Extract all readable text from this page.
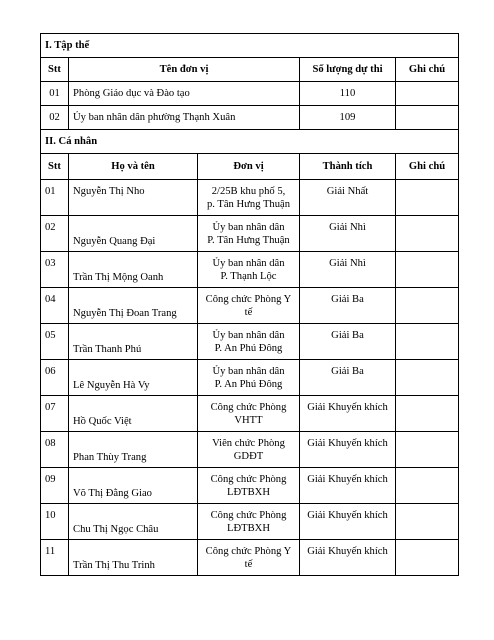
I. Tập thể				
Stt	Tên đơn vị		Số lượng dự thi	Ghi chú
01	Phòng Giáo dục và Đào tạo		110	
02	Ủy ban nhân dân phường Thạnh Xuân		109	
II. Cá nhân				
Stt	Họ và tên	Đơn vị	Thành tích	Ghi chú
01	Nguyễn Thị Nho	2/25B khu phố 5,
p. Tân Hưng Thuận	Giải Nhất	
02	Nguyễn Quang Đại	Ủy ban nhân dân
P. Tân Hưng Thuận	Giải Nhì	
03	Trần Thị Mộng Oanh	Ủy ban nhân dân
P. Thạnh Lộc	Giải Nhì	
04	Nguyễn Thị Đoan Trang	Công chức Phòng Y
tế	Giải Ba	
05	Trần Thanh Phú	Ủy ban nhân dân
P. An Phú Đông	Giải Ba	
06	Lê Nguyễn Hà Vy	Ủy ban nhân dân
P. An Phú Đông	Giải Ba	
07	Hồ Quốc Việt	Công chức Phòng
VHTT	Giải Khuyến khích	
08	Phan Thùy Trang	Viên chức Phòng
GDĐT	Giải Khuyến khích	
09	Võ Thị Đằng Giao	Công chức Phòng
LĐTBXH	Giải Khuyến khích	
10	Chu Thị Ngọc Châu	Công chức Phòng
LĐTBXH	Giải Khuyến khích	
11	Trần Thị Thu Trinh	Công chức Phòng Y
tế	Giải Khuyến khích	
